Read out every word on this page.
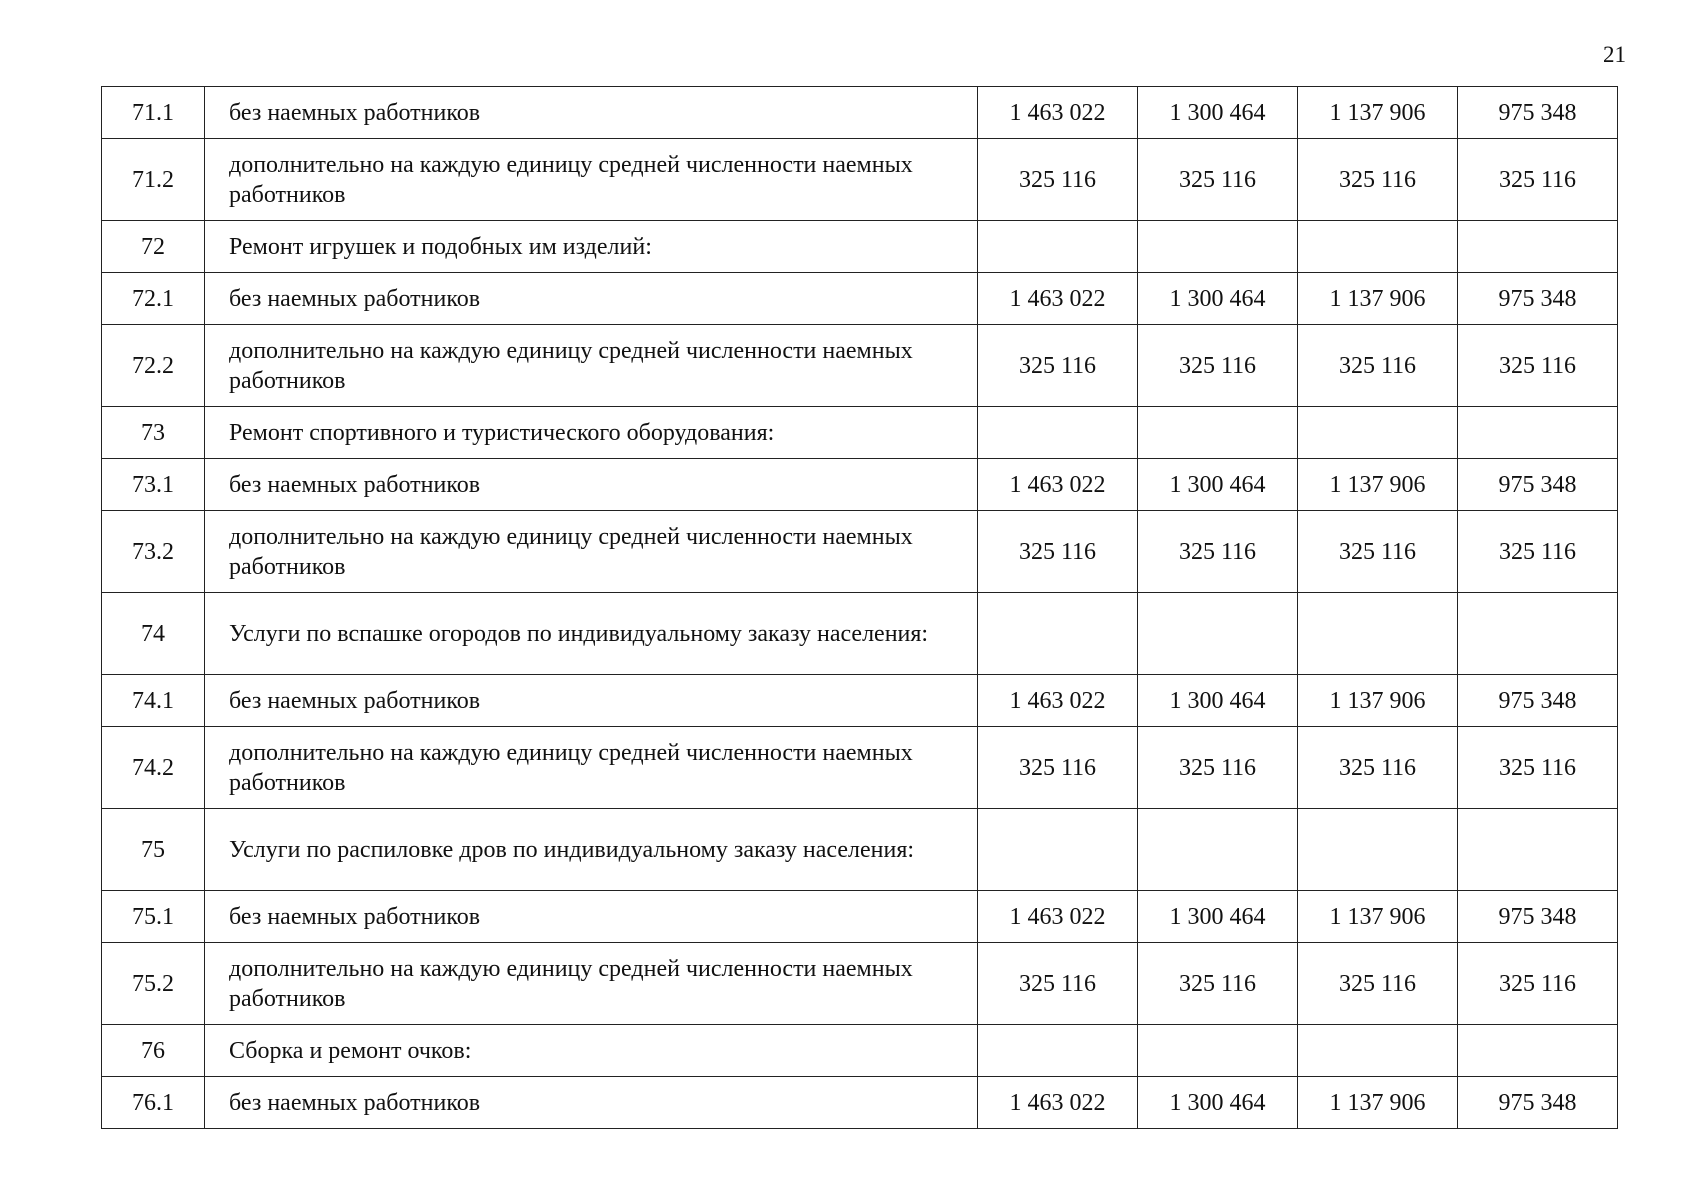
21
71.1	без наемных работников	1 463 022	1 300 464	1 137 906	975 348
71.2	дополнительно на каждую единицу средней численности наемных работников	325 116	325 116	325 116	325 116
72	Ремонт игрушек и подобных им изделий:				
72.1	без наемных работников	1 463 022	1 300 464	1 137 906	975 348
72.2	дополнительно на каждую единицу средней численности наемных работников	325 116	325 116	325 116	325 116
73	Ремонт спортивного и туристического оборудования:				
73.1	без наемных работников	1 463 022	1 300 464	1 137 906	975 348
73.2	дополнительно на каждую единицу средней численности наемных работников	325 116	325 116	325 116	325 116
74	Услуги по вспашке огородов по индивидуальному заказу населения:				
74.1	без наемных работников	1 463 022	1 300 464	1 137 906	975 348
74.2	дополнительно на каждую единицу средней численности наемных работников	325 116	325 116	325 116	325 116
75	Услуги по распиловке дров по индивидуальному заказу населения:				
75.1	без наемных работников	1 463 022	1 300 464	1 137 906	975 348
75.2	дополнительно на каждую единицу средней численности наемных работников	325 116	325 116	325 116	325 116
76	Сборка и ремонт очков:				
76.1	без наемных работников	1 463 022	1 300 464	1 137 906	975 348
